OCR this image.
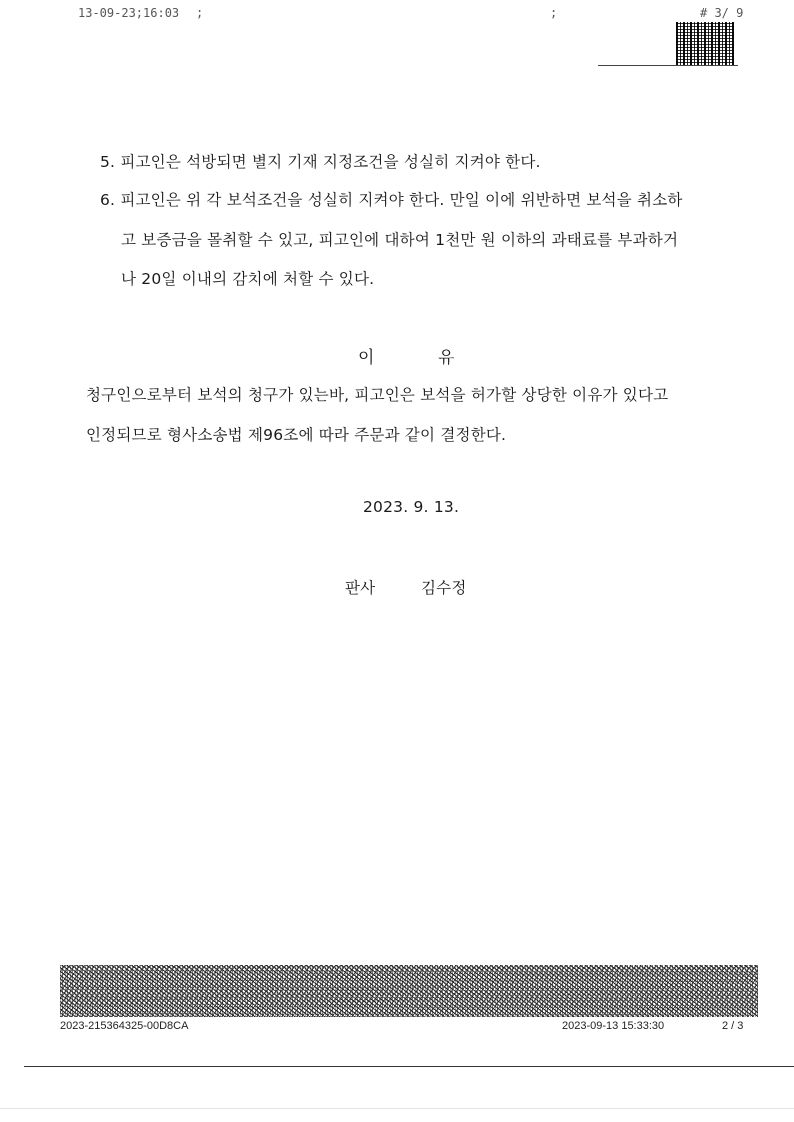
13-09-23;16:03 ;	;	# 3/ 9
5. 피고인은 석방되면 별지 기재 지정조건을 성실히 지켜야 한다.
6. 피고인은 위 각 보석조건을 성실히 지켜야 한다. 만일 이에 위반하면 보석을 취소하
고 보증금을 몰취할 수 있고, 피고인에 대하여 1천만 원 이하의 과태료를 부과하거
나 20일 이내의 감치에 처할 수 있다.
이	유
청구인으로부터 보석의 청구가 있는바, 피고인은 보석을 허가할 상당한 이유가 있다고
인정되므로 형사소송법 제96조에 따라 주문과 같이 결정한다.
2023. 9. 13.
판사	김수정
2023-215364325-00D8CA	2023-09-13 15:33:30	2 / 3
